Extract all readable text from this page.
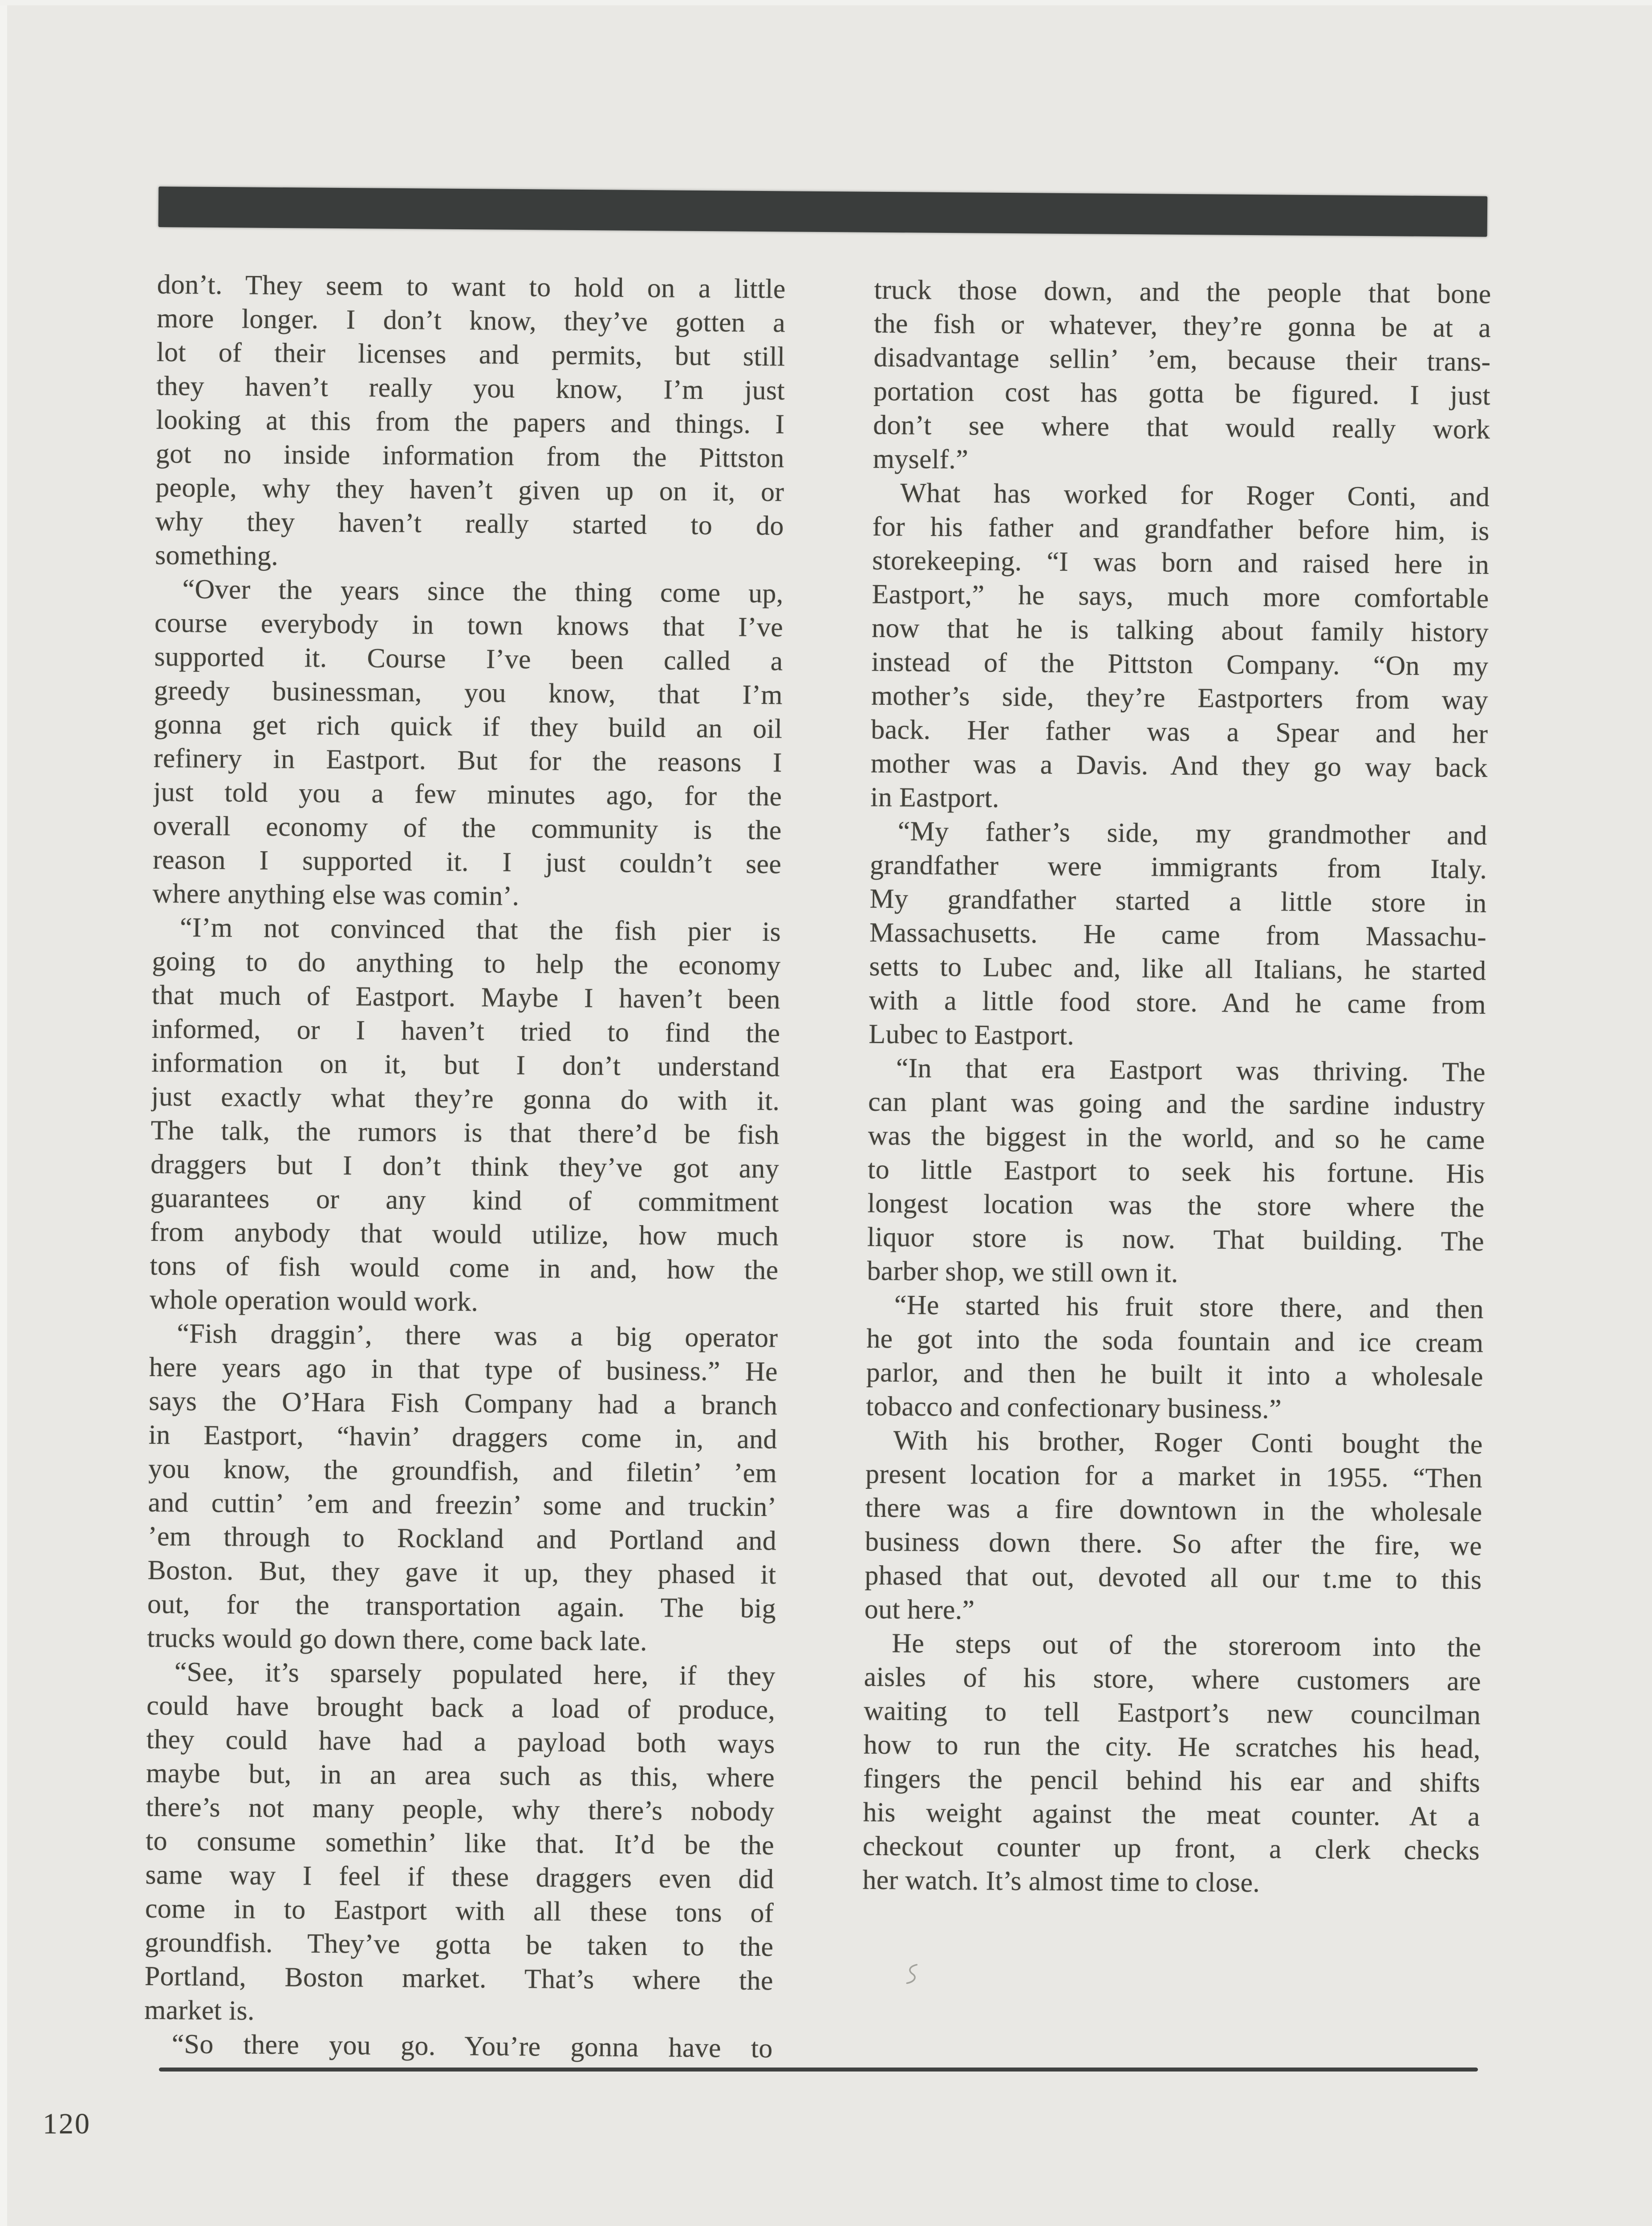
don’t. They seem to want to hold on a little
more longer. I don’t know, they’ve gotten a
lot of their licenses and permits, but still
they haven’t really you know, I’m just
looking at this from the papers and things. I
got no inside information from the Pittston
people, why they haven’t given up on it, or
why they haven’t really started to do
something.
“Over the years since the thing come up,
course everybody in town knows that I’ve
supported it. Course I’ve been called a
greedy businessman, you know, that I’m
gonna get rich quick if they build an oil
refinery in Eastport. But for the reasons I
just told you a few minutes ago, for the
overall economy of the community is the
reason I supported it. I just couldn’t see
where anything else was comin’.
“I’m not convinced that the fish pier is
going to do anything to help the economy
that much of Eastport. Maybe I haven’t been
informed, or I haven’t tried to find the
information on it, but I don’t understand
just exactly what they’re gonna do with it.
The talk, the rumors is that there’d be fish
draggers but I don’t think they’ve got any
guarantees or any kind of commitment
from anybody that would utilize, how much
tons of fish would come in and, how the
whole operation would work.
“Fish draggin’, there was a big operator
here years ago in that type of business.” He
says the O’Hara Fish Company had a branch
in Eastport, “havin’ draggers come in, and
you know, the groundfish, and filetin’ ’em
and cuttin’ ’em and freezin’ some and truckin’
’em through to Rockland and Portland and
Boston. But, they gave it up, they phased it
out, for the transportation again. The big
trucks would go down there, come back late.
“See, it’s sparsely populated here, if they
could have brought back a load of produce,
they could have had a payload both ways
maybe but, in an area such as this, where
there’s not many people, why there’s nobody
to consume somethin’ like that. It’d be the
same way I feel if these draggers even did
come in to Eastport with all these tons of
groundfish. They’ve gotta be taken to the
Portland, Boston market. That’s where the
market is.
“So there you go. You’re gonna have to
truck those down, and the people that bone
the fish or whatever, they’re gonna be at a
disadvantage sellin’ ’em, because their trans-
portation cost has gotta be figured. I just
don’t see where that would really work
myself.”
What has worked for Roger Conti, and
for his father and grandfather before him, is
storekeeping. “I was born and raised here in
Eastport,” he says, much more comfortable
now that he is talking about family history
instead of the Pittston Company. “On my
mother’s side, they’re Eastporters from way
back. Her father was a Spear and her
mother was a Davis. And they go way back
in Eastport.
“My father’s side, my grandmother and
grandfather were immigrants from Italy.
My grandfather started a little store in
Massachusetts. He came from Massachu-
setts to Lubec and, like all Italians, he started
with a little food store. And he came from
Lubec to Eastport.
“In that era Eastport was thriving. The
can plant was going and the sardine industry
was the biggest in the world, and so he came
to little Eastport to seek his fortune. His
longest location was the store where the
liquor store is now. That building. The
barber shop, we still own it.
“He started his fruit store there, and then
he got into the soda fountain and ice cream
parlor, and then he built it into a wholesale
tobacco and confectionary business.”
With his brother, Roger Conti bought the
present location for a market in 1955. “Then
there was a fire downtown in the wholesale
business down there. So after the fire, we
phased that out, devoted all our t.me to this
out here.”
He steps out of the storeroom into the
aisles of his store, where customers are
waiting to tell Eastport’s new councilman
how to run the city. He scratches his head,
fingers the pencil behind his ear and shifts
his weight against the meat counter. At a
checkout counter up front, a clerk checks
her watch. It’s almost time to close.
120
